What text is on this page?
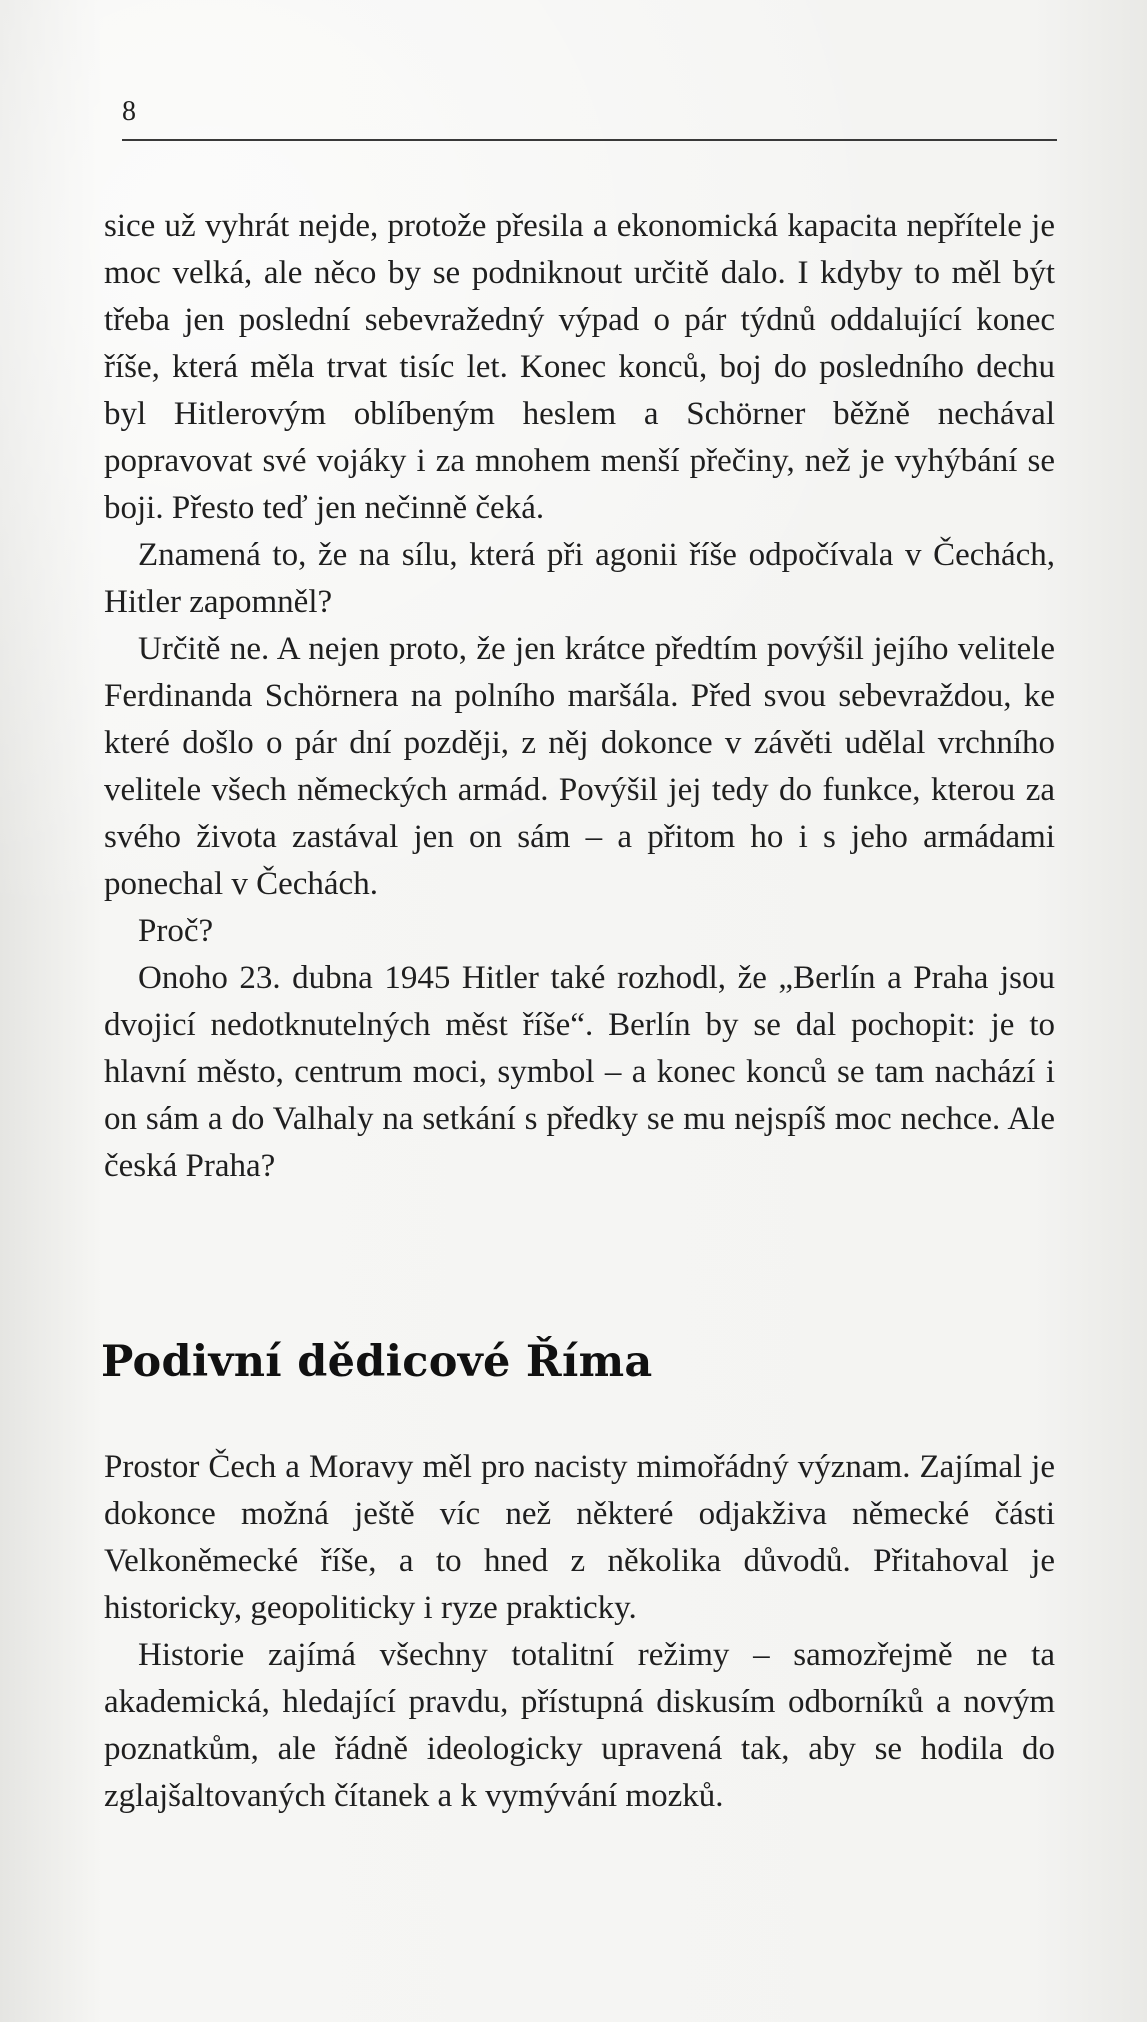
8

sice už vyhrát nejde, protože přesila a ekonomická kapacita nepřítele je moc velká, ale něco by se podniknout určitě dalo. I kdyby to měl být třeba jen poslední sebevražedný výpad o pár týdnů oddalující konec říše, která měla trvat tisíc let. Konec konců, boj do posledního dechu byl Hitlerovým oblíbeným heslem a Schörner běžně nechával popravovat své vojáky i za mnohem menší přečiny, než je vyhýbání se boji. Přesto teď jen nečinně čeká.

Znamená to, že na sílu, která při agonii říše odpočívala v Čechách, Hitler zapomněl?

Určitě ne. A nejen proto, že jen krátce předtím povýšil jejího velitele Ferdinanda Schörnera na polního maršála. Před svou sebevraždou, ke které došlo o pár dní později, z něj dokonce v závěti udělal vrchního velitele všech německých armád. Povýšil jej tedy do funkce, kterou za svého života zastával jen on sám – a přitom ho i s jeho armádami ponechal v Čechách.

Proč?

Onoho 23. dubna 1945 Hitler také rozhodl, že „Berlín a Praha jsou dvojicí nedotknutelných měst říše“. Berlín by se dal pochopit: je to hlavní město, centrum moci, symbol – a konec konců se tam nachází i on sám a do Valhaly na setkání s předky se mu nejspíš moc nechce. Ale česká Praha?

Podivní dědicové Říma

Prostor Čech a Moravy měl pro nacisty mimořádný význam. Zajímal je dokonce možná ještě víc než některé odjakživa německé části Velkoněmecké říše, a to hned z několika důvodů. Přitahoval je historicky, geopoliticky i ryze prakticky.

Historie zajímá všechny totalitní režimy – samozřejmě ne ta akademická, hledající pravdu, přístupná diskusím odborníků a novým poznatkům, ale řádně ideologicky upravená tak, aby se hodila do zglajšaltovaných čítanek a k vymývání mozků.
